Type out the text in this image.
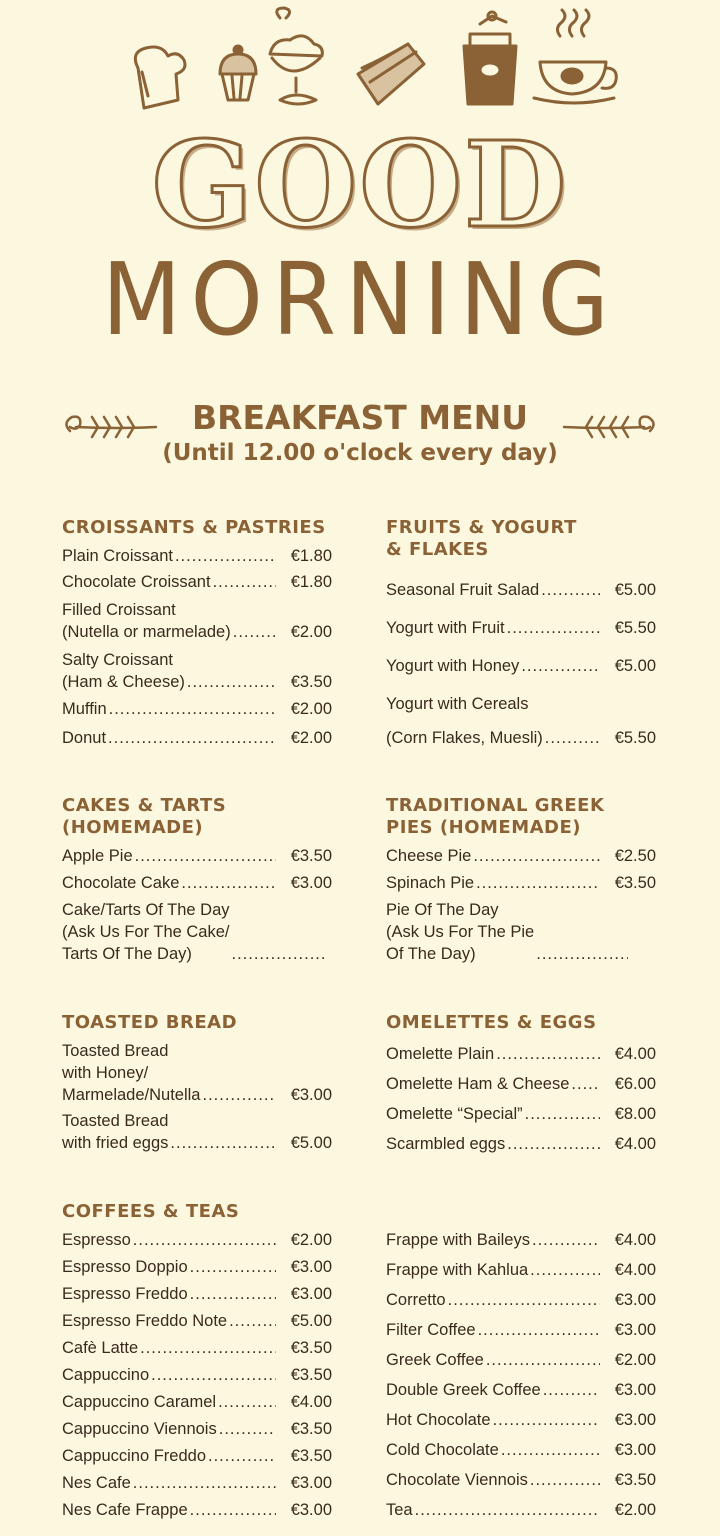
GOOD
MORNING
BREAKFAST MENU
(Until 12.00 o'clock every day)
CROISSANTS & PASTRIES
Plain Croissant .....	€1.80
Chocolate Croissant .....	€1.80
Filled Croissant
(Nutella or marmelade) .....	€2.00
Salty Croissant
(Ham & Cheese) .....	€3.50
Muffin .....	€2.00
Donut .....	€2.00
FRUITS & YOGURT
& FLAKES
Seasonal Fruit Salad .....	€5.00
Yogurt with Fruit .....	€5.50
Yogurt with Honey .....	€5.00
Yogurt with Cereals
(Corn Flakes, Muesli) .....	€5.50
CAKES & TARTS
(HOMEMADE)
Apple Pie .....	€3.50
Chocolate Cake .....	€3.00
Cake/Tarts Of The Day
(Ask Us For The Cake/
Tarts Of The Day)
.....
TRADITIONAL GREEK
PIES (HOMEMADE)
Cheese Pie .....	€2.50
Spinach Pie .....	€3.50
Pie Of The Day
(Ask Us For The Pie
Of The Day)
.....
TOASTED BREAD
Toasted Bread
with Honey/
Marmelade/Nutella .....	€3.00
Toasted Bread
with fried eggs .....	€5.00
OMELETTES & EGGS
Omelette Plain .....	€4.00
Omelette Ham & Cheese .....	€6.00
Omelette “Special” .....	€8.00
Scarmbled eggs .....	€4.00
COFFEES & TEAS
Espresso .....	€2.00
Espresso Doppio .....	€3.00
Espresso Freddo .....	€3.00
Espresso Freddo Note .....	€5.00
Cafè Latte .....	€3.50
Cappuccino .....	€3.50
Cappuccino Caramel .....	€4.00
Cappuccino Viennois .....	€3.50
Cappuccino Freddo .....	€3.50
Nes Cafe .....	€3.00
Nes Cafe Frappe .....	€3.00
Frappe with Baileys .....	€4.00
Frappe with Kahlua .....	€4.00
Corretto .....	€3.00
Filter Coffee .....	€3.00
Greek Coffee .....	€2.00
Double Greek Coffee .....	€3.00
Hot Chocolate .....	€3.00
Cold Chocolate .....	€3.00
Chocolate Viennois .....	€3.50
Tea .....	€2.00
